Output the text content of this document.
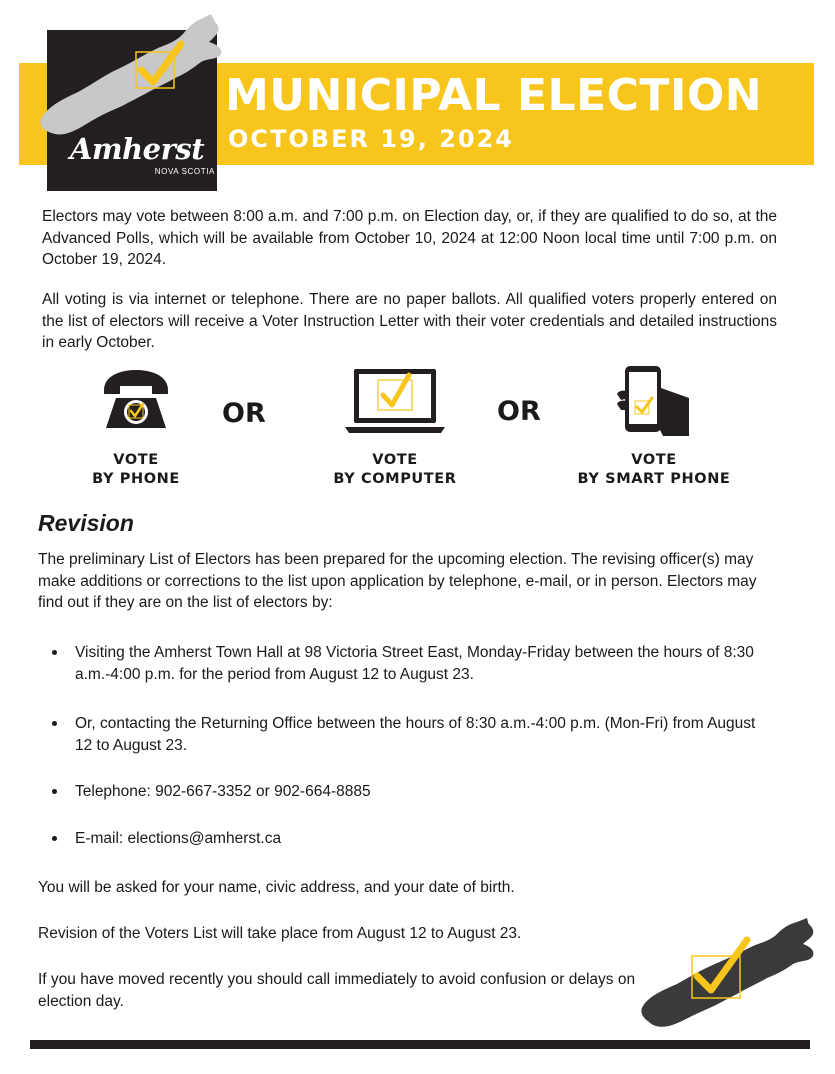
Amherst
NOVA SCOTIA
MUNICIPAL ELECTION
OCTOBER 19, 2024

Electors may vote between 8:00 a.m. and 7:00 p.m. on Election day, or, if they are qualified to do so, at the Advanced Polls, which will be available from October 10, 2024 at 12:00 Noon local time until 7:00 p.m. on October 19, 2024.

All voting is via internet or telephone. There are no paper ballots. All qualified voters properly entered on the list of electors will receive a Voter Instruction Letter with their voter credentials and detailed instructions in early October.

OR	OR
VOTE
BY PHONE
VOTE
BY COMPUTER
VOTE
BY SMART PHONE
Revision

The preliminary List of Electors has been prepared for the upcoming election. The revising officer(s) may make additions or corrections to the list upon application by telephone, e-mail, or in person. Electors may find out if they are on the list of electors by:

Visiting the Amherst Town Hall at 98 Victoria Street East, Monday-Friday between the hours of 8:30 a.m.-4:00 p.m. for the period from August 12 to August 23.

Or, contacting the Returning Office between the hours of 8:30 a.m.-4:00 p.m. (Mon-Fri) from August 12 to August 23.

Telephone: 902-667-3352 or 902-664-8885

E-mail: elections@amherst.ca

You will be asked for your name, civic address, and your date of birth.

Revision of the Voters List will take place from August 12 to August 23.

If you have moved recently you should call immediately to avoid confusion or delays on election day.
